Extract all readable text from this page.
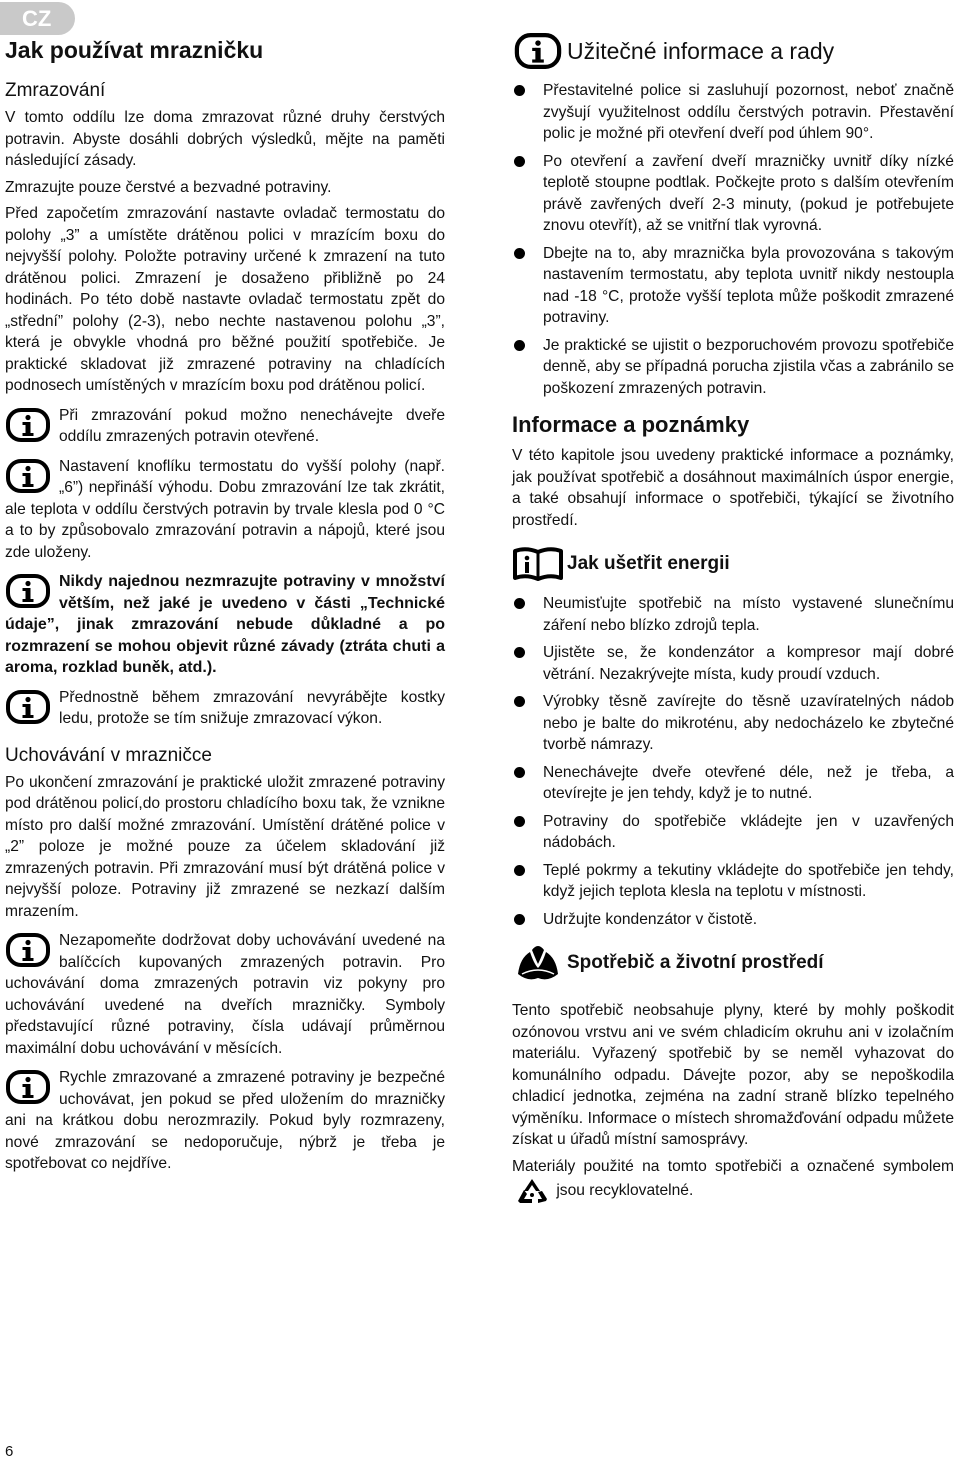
CZ
Jak používat mrazničku
Zmrazování

V tomto oddílu lze doma zmrazovat různé druhy čerstvých potravin. Abyste dosáhli dobrých výsledků, mějte na paměti následující zásady.

Zmrazujte pouze čerstvé a bezvadné potraviny.

Před započetím zmrazování nastavte ovladač termostatu do polohy „3” a umístěte drátěnou polici v mrazícím boxu do nejvyšší polohy. Položte potraviny určené k zmrazení na tuto drátěnou polici. Zmrazení je dosaženo přibližně po 24 hodinách. Po této době nastavte ovladač termostatu zpět do „střední” polohy (2-3), nebo nechte nastavenou polohu „3”, která je obvykle vhodná pro běžné použití spotřebiče. Je praktické skladovat již zmrazené potraviny na chladících podnosech umístěných v mrazícím boxu pod drátěnou policí.

Při zmrazování pokud možno nenechávejte dveře oddílu zmrazených potravin otevřené.
Nastavení knoflíku termostatu do vyšší polohy (např. „6”) nepřináší výhodu. Dobu zmrazování lze tak zkrátit, ale teplota v oddílu čerstvých potravin by trvale klesla pod 0 °C a to by způsobovalo zmrazování potravin a nápojů, které jsou zde uloženy.
Nikdy najednou nezmrazujte potraviny v množství větším, než jaké je uvedeno v části „Technické údaje”, jinak zmrazování nebude důkladné a po rozmrazení se mohou objevit různé závady (ztráta chuti a aroma, rozklad buněk, atd.).
Přednostně během zmrazování nevyrábějte kostky ledu, protože se tím snižuje zmrazovací výkon.
Uchovávání v mrazničce

Po ukončení zmrazování je praktické uložit zmrazené potraviny pod drátěnou policí,do prostoru chladícího boxu tak, že vznikne místo pro další možné zmrazování. Umístění drátěné police v „2” poloze je možné pouze za účelem skladování již zmrazených potravin. Při zmrazování musí být drátěná police v nejvyšší poloze. Potraviny již zmrazené se nezkazí dalším mrazením.

Nezapomeňte dodržovat doby uchovávání uvedené na balíčcích kupovaných zmrazených potravin. Pro uchovávání doma zmrazených potravin viz pokyny pro uchovávání uvedené na dveřích mrazničky. Symboly představující různé potraviny, čísla udávají průměrnou maximální dobu uchovávání v měsících.
Rychle zmrazované a zmrazené potraviny je bezpečné uchovávat, jen pokud se před uložením do mrazničky ani na krátkou dobu nerozmrazily. Pokud byly rozmrazeny, nové zmrazování se nedoporučuje, nýbrž je třeba je spotřebovat co nejdříve.
Užitečné informace a rady
Přestavitelné police si zasluhují pozornost, neboť značně zvyšují využitelnost oddílu čerstvých potravin. Přestavění polic je možné při otevření dveří pod úhlem 90°.
Po otevření a zavření dveří mrazničky uvnitř díky nízké teplotě stoupne podtlak. Počkejte proto s dalším otevřením právě zavřených dveří 2-3 minuty, (pokud je potřebujete znovu otevřít), až se vnitřní tlak vyrovná.
Dbejte na to, aby mraznička byla provozována s takovým nastavením termostatu, aby teplota uvnitř nikdy nestoupla nad -18 °C, protože vyšší teplota může poškodit zmrazené potraviny.
Je praktické se ujistit o bezporuchovém provozu spotřebiče denně, aby se případná porucha zjistila včas a zabránilo se poškození zmrazených potravin.
Informace a poznámky

V této kapitole jsou uvedeny praktické informace a poznámky, jak používat spotřebič a dosáhnout maximálních úspor energie, a také obsahují informace o spotřebiči, týkající se životního prostředí.

Jak ušetřit energii
Neumisťujte spotřebič na místo vystavené slunečnímu záření nebo blízko zdrojů tepla.
Ujistěte se, že kondenzátor a kompresor mají dobré větrání. Nezakrývejte místa, kudy proudí vzduch.
Výrobky těsně zavírejte do těsně uzavíratelných nádob nebo je balte do mikroténu, aby nedocházelo ke zbytečné tvorbě námrazy.
Nenechávejte dveře otevřené déle, než je třeba, a otevírejte je jen tehdy, když je to nutné.
Potraviny do spotřebiče vkládejte jen v uzavřených nádobách.
Teplé pokrmy a tekutiny vkládejte do spotřebiče jen tehdy, když jejich teplota klesla na teplotu v místnosti.
Udržujte kondenzátor v čistotě.
Spotřebič a životní prostředí

Tento spotřebič neobsahuje plyny, které by mohly poškodit ozónovou vrstvu ani ve svém chladicím okruhu ani v izolačním materiálu. Vyřazený spotřebič by se neměl vyhazovat do komunálního odpadu. Dávejte pozor, aby se nepoškodila chladicí jednotka, zejména na zadní straně blízko tepelného výměníku. Informace o místech shromažďování odpadu můžete získat u úřadů místní samosprávy.

Materiály použité na tomto spotřebiči a označené symbolem  jsou recyklovatelné.

6
